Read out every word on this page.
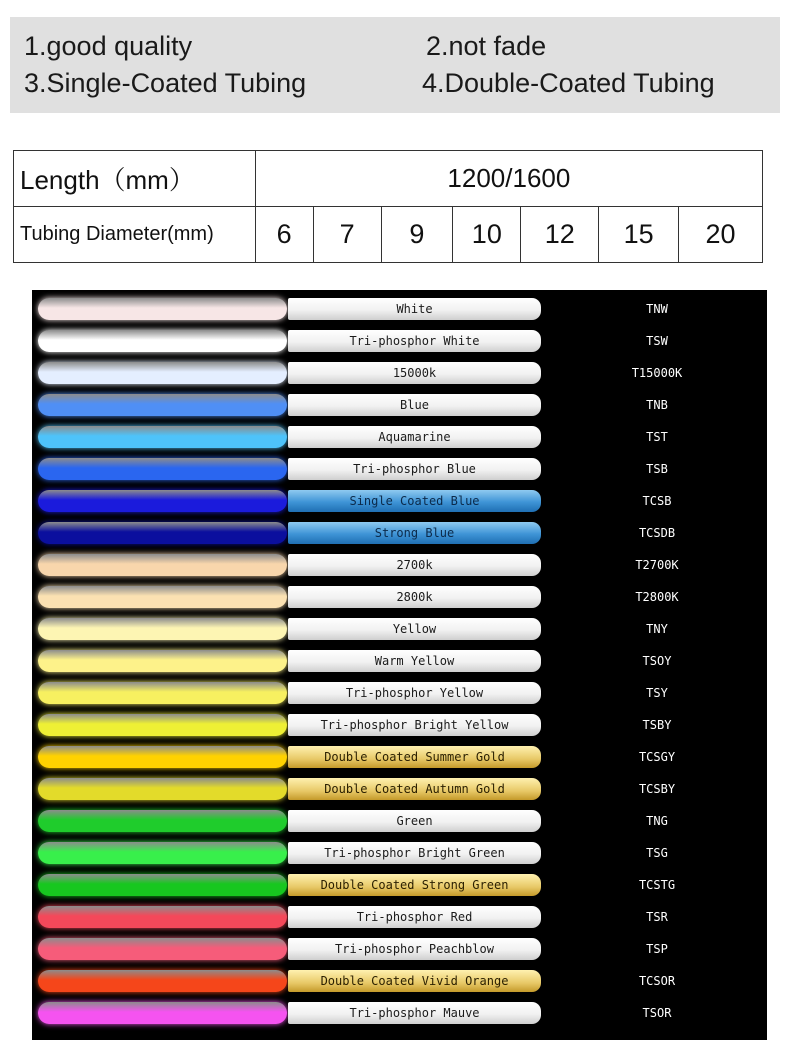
1.good quality	2.not fade
3.Single-Coated Tubing	4.Double-Coated Tubing
Length（mm）	1200/1600						
Tubing Diameter(mm)	6	7	9	10	12	15	20
White	TNW
Tri-phosphor White	TSW
15000k	T15000K
Blue	TNB
Aquamarine	TST
Tri-phosphor Blue	TSB
Single Coated Blue	TCSB
Strong Blue	TCSDB
2700k	T2700K
2800k	T2800K
Yellow	TNY
Warm Yellow	TSOY
Tri-phosphor Yellow	TSY
Tri-phosphor Bright Yellow	TSBY
Double Coated Summer Gold	TCSGY
Double Coated Autumn Gold	TCSBY
Green	TNG
Tri-phosphor Bright Green	TSG
Double Coated Strong Green	TCSTG
Tri-phosphor Red	TSR
Tri-phosphor Peachblow	TSP
Double Coated Vivid Orange	TCSOR
Tri-phosphor Mauve	TSOR
